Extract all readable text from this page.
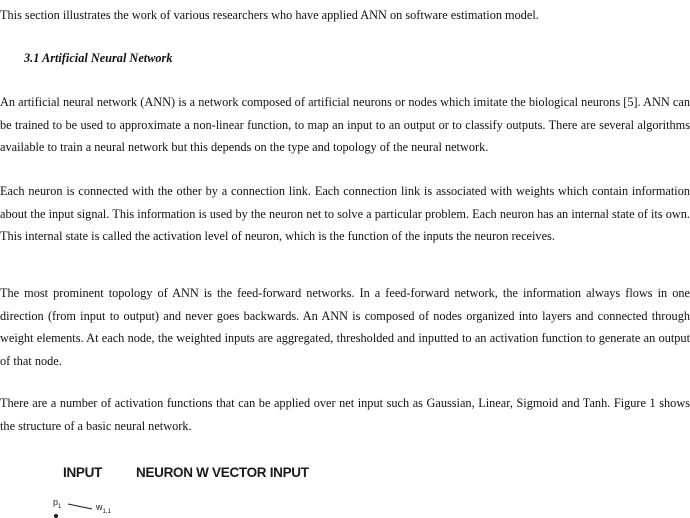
This section illustrates the work of various researchers who have applied ANN on software estimation model.

3.1 Artificial Neural Network

An artificial neural network (ANN) is a network composed of artificial neurons or nodes which imitate the biological neurons [5]. ANN can be trained to be used to approximate a non-linear function, to map an input to an output or to classify outputs. There are several algorithms available to train a neural network but this depends on the type and topology of the neural network.

Each neuron is connected with the other by a connection link. Each connection link is associated with weights which contain information about the input signal. This information is used by the neuron net to solve a particular problem. Each neuron has an internal state of its own. This internal state is called the activation level of neuron, which is the function of the inputs the neuron receives.

The most prominent topology of ANN is the feed-forward networks. In a feed-forward network, the information always flows in one direction (from input to output) and never goes backwards. An ANN is composed of nodes organized into layers and connected through weight elements. At each node, the weighted inputs are aggregated, thresholded and inputted to an activation function to generate an output of that node.

There are a number of activation functions that can be applied over net input such as Gaussian, Linear, Sigmoid and Tanh. Figure 1 shows the structure of a basic neural network.

INPUT	NEURON W VECTOR INPUT
$p_1$	$w_{1,1}$
